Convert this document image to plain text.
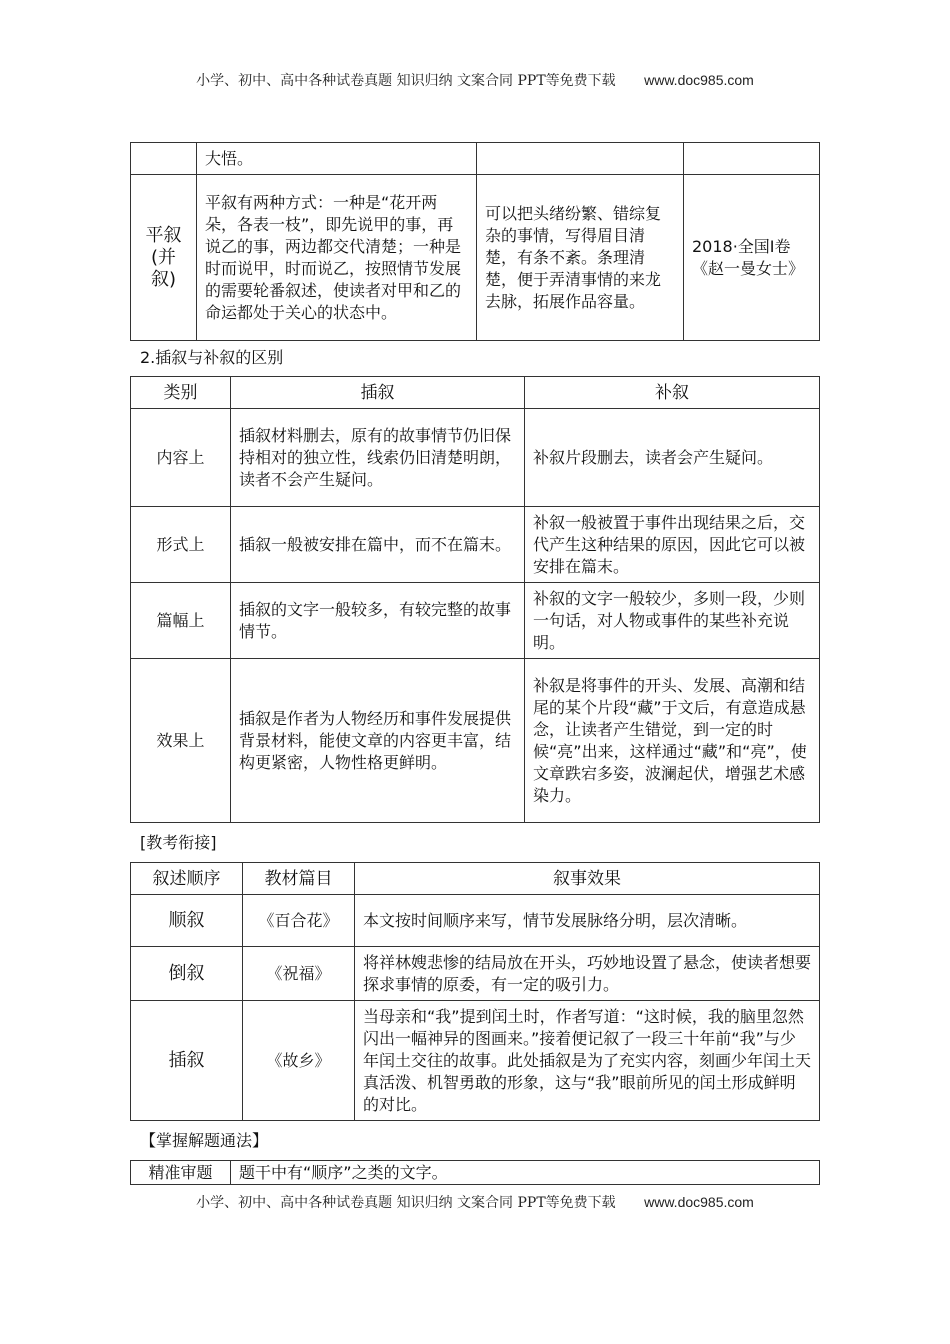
小学、初中、高中各种试卷真题 知识归纳 文案合同 PPT等免费下载 www.doc985.com
	大悟。		
平叙(并叙)	平叙有两种方式：一种是“花开两朵，各表一枝”，即先说甲的事，再说乙的事，两边都交代清楚；一种是时而说甲，时而说乙，按照情节发展的需要轮番叙述，使读者对甲和乙的命运都处于关心的状态中。	可以把头绪纷繁、错综复杂的事情，写得眉目清楚，有条不紊。条理清楚，便于弄清事情的来龙去脉，拓展作品容量。	2018·全国Ⅰ卷《赵一曼女士》
2.插叙与补叙的区别
类别	插叙	补叙
内容上	插叙材料删去，原有的故事情节仍旧保持相对的独立性，线索仍旧清楚明朗，读者不会产生疑问。	补叙片段删去，读者会产生疑问。
形式上	插叙一般被安排在篇中，而不在篇末。	补叙一般被置于事件出现结果之后，交代产生这种结果的原因，因此它可以被安排在篇末。
篇幅上	插叙的文字一般较多，有较完整的故事情节。	补叙的文字一般较少，多则一段，少则一句话，对人物或事件的某些补充说明。
效果上	插叙是作者为人物经历和事件发展提供背景材料，能使文章的内容更丰富，结构更紧密，人物性格更鲜明。	补叙是将事件的开头、发展、高潮和结尾的某个片段“藏”于文后，有意造成悬念，让读者产生错觉，到一定的时候“亮”出来，这样通过“藏”和“亮”，使文章跌宕多姿，波澜起伏，增强艺术感染力。
[教考衔接]
叙述顺序	教材篇目	叙事效果
顺叙	《百合花》	本文按时间顺序来写，情节发展脉络分明，层次清晰。
倒叙	《祝福》	将祥林嫂悲惨的结局放在开头，巧妙地设置了悬念，使读者想要探求事情的原委，有一定的吸引力。
插叙	《故乡》	当母亲和“我”提到闰土时，作者写道：“这时候，我的脑里忽然闪出一幅神异的图画来。”接着便记叙了一段三十年前“我”与少年闰土交往的故事。此处插叙是为了充实内容，刻画少年闰土天真活泼、机智勇敢的形象，这与“我”眼前所见的闰土形成鲜明的对比。
【掌握解题通法】
精准审题	题干中有“顺序”之类的文字。
小学、初中、高中各种试卷真题 知识归纳 文案合同 PPT等免费下载 www.doc985.com
